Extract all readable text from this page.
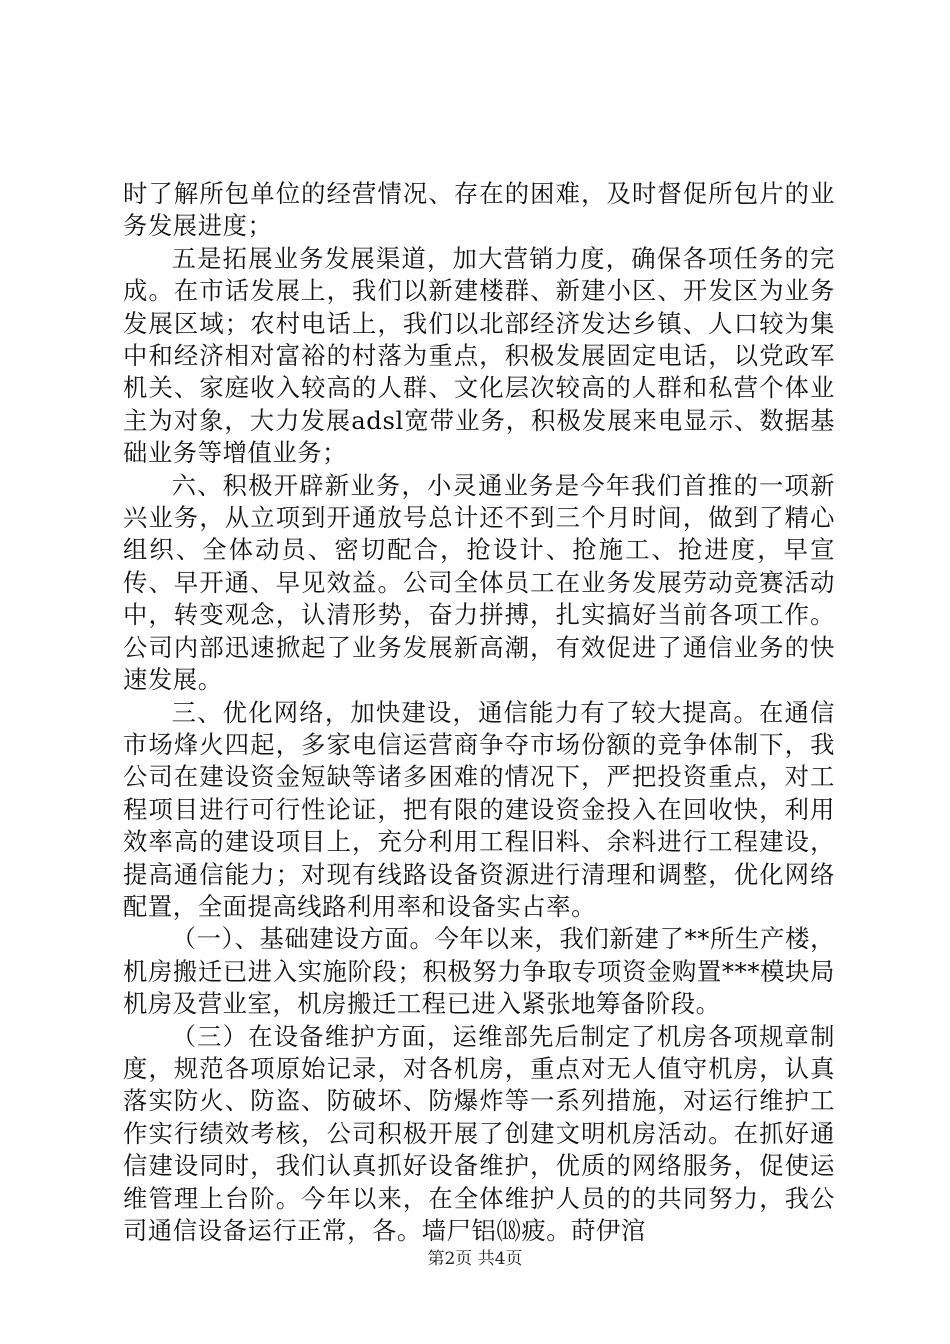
时了解所包单位的经营情况、存在的困难，及时督促所包片的业务发展进度；

五是拓展业务发展渠道，加大营销力度，确保各项任务的完成。在市话发展上，我们以新建楼群、新建小区、开发区为业务发展区域；农村电话上，我们以北部经济发达乡镇、人口较为集中和经济相对富裕的村落为重点，积极发展固定电话，以党政军机关、家庭收入较高的人群、文化层次较高的人群和私营个体业主为对象，大力发展adsl宽带业务，积极发展来电显示、数据基础业务等增值业务；

六、积极开辟新业务，小灵通业务是今年我们首推的一项新兴业务，从立项到开通放号总计还不到三个月时间，做到了精心组织、全体动员、密切配合，抢设计、抢施工、抢进度，早宣传、早开通、早见效益。公司全体员工在业务发展劳动竞赛活动中，转变观念，认清形势，奋力拼搏，扎实搞好当前各项工作。公司内部迅速掀起了业务发展新高潮，有效促进了通信业务的快速发展。

三、优化网络，加快建设，通信能力有了较大提高。在通信市场烽火四起，多家电信运营商争夺市场份额的竞争体制下，我公司在建设资金短缺等诸多困难的情况下，严把投资重点，对工程项目进行可行性论证，把有限的建设资金投入在回收快，利用效率高的建设项目上，充分利用工程旧料、余料进行工程建设，提高通信能力；对现有线路设备资源进行清理和调整，优化网络配置，全面提高线路利用率和设备实占率。

（一）、基础建设方面。今年以来，我们新建了**所生产楼，机房搬迁已进入实施阶段；积极努力争取专项资金购置***模块局机房及营业室，机房搬迁工程已进入紧张地筹备阶段。

（三）在设备维护方面，运维部先后制定了机房各项规章制度，规范各项原始记录，对各机房，重点对无人值守机房，认真落实防火、防盗、防破坏、防爆炸等一系列措施，对运行维护工作实行绩效考核，公司积极开展了创建文明机房活动。在抓好通信建设同时，我们认真抓好设备维护，优质的网络服务，促使运维管理上台阶。今年以来，在全体维护人员的的共同努力，我公司通信设备运行正常，各。墙尸铝⒅疲。莳伊涫

第2页 共4页
